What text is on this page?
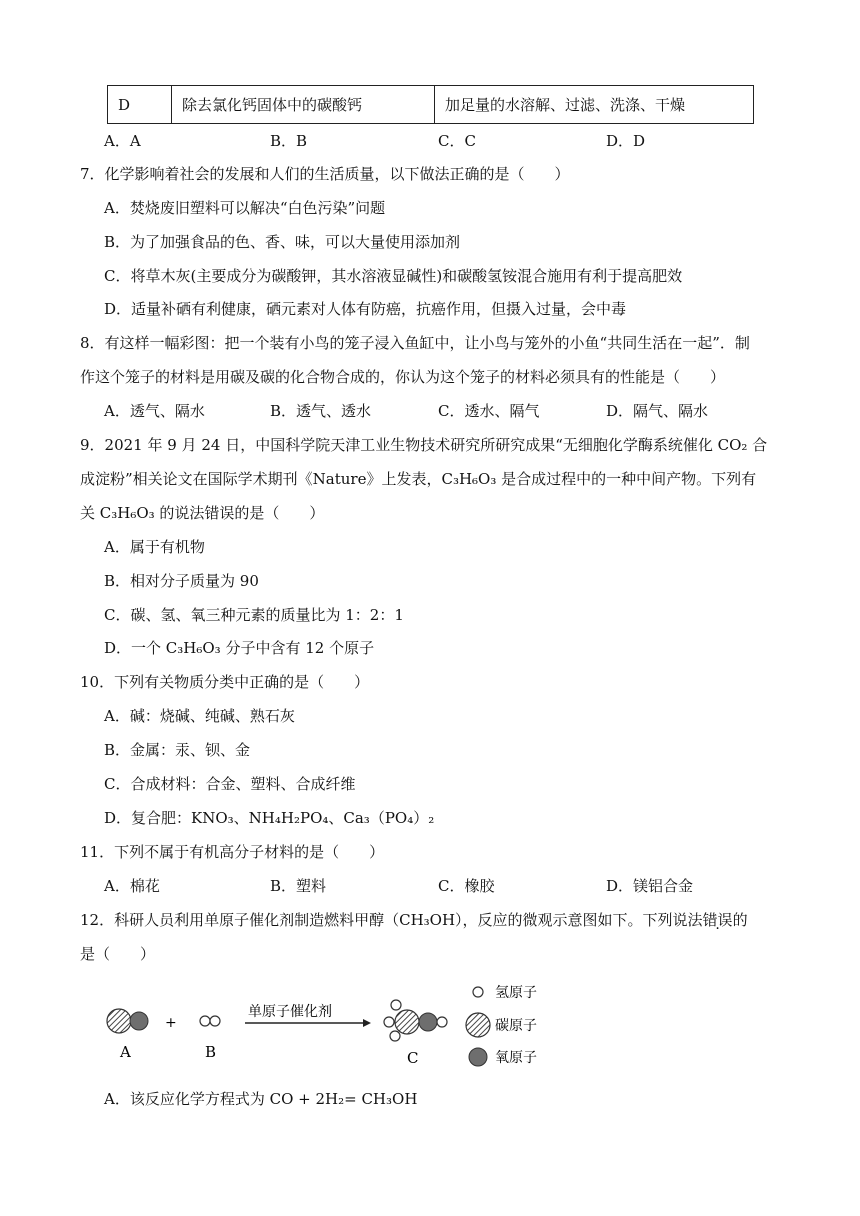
D	除去氯化钙固体中的碳酸钙	加足量的水溶解、过滤、洗涤、干燥
A．A	B．B	C．C	D．D
7．化学影响着社会的发展和人们的生活质量，以下做法正确的是（　　）
A．焚烧废旧塑料可以解决“白色污染”问题
B．为了加强食品的色、香、味，可以大量使用添加剂
C．将草木灰(主要成分为碳酸钾，其水溶液显碱性)和碳酸氢铵混合施用有利于提高肥效
D．适量补硒有利健康，硒元素对人体有防癌，抗癌作用，但摄入过量，会中毒
8．有这样一幅彩图：把一个装有小鸟的笼子浸入鱼缸中，让小鸟与笼外的小鱼“共同生活在一起”．制
作这个笼子的材料是用碳及碳的化合物合成的，你认为这个笼子的材料必须具有的性能是（　　）
A．透气、隔水	B．透气、透水	C．透水、隔气	D．隔气、隔水
9．2021 年 9 月 24 日，中国科学院天津工业生物技术研究所研究成果“无细胞化学酶系统催化 CO₂ 合
成淀粉”相关论文在国际学术期刊《Nature》上发表，C₃H₆O₃ 是合成过程中的一种中间产物。下列有
关 C₃H₆O₃ 的说法错误的是（　　）
A．属于有机物
B．相对分子质量为 90
C．碳、氢、氧三种元素的质量比为 1：2：1
D．一个 C₃H₆O₃ 分子中含有 12 个原子
10．下列有关物质分类中正确的是（　　）
A．碱：烧碱、纯碱、熟石灰
B．金属：汞、钡、金
C．合成材料：合金、塑料、合成纤维
D．复合肥：KNO₃、NH₄H₂PO₄、Ca₃（PO₄）₂
11．下列不属于有机高分子材料的是（　　）
A．棉花	B．塑料	C．橡胶	D．镁铝合金
12．科研人员利用单原子催化剂制造燃料甲醇（CH₃OH），反应的微观示意图如下。下列说法错误的
是（　　）
A
+
B
单原子催化剂
C
氢原子
碳原子
氧原子
A．该反应化学方程式为 CO + 2H₂= CH₃OH
